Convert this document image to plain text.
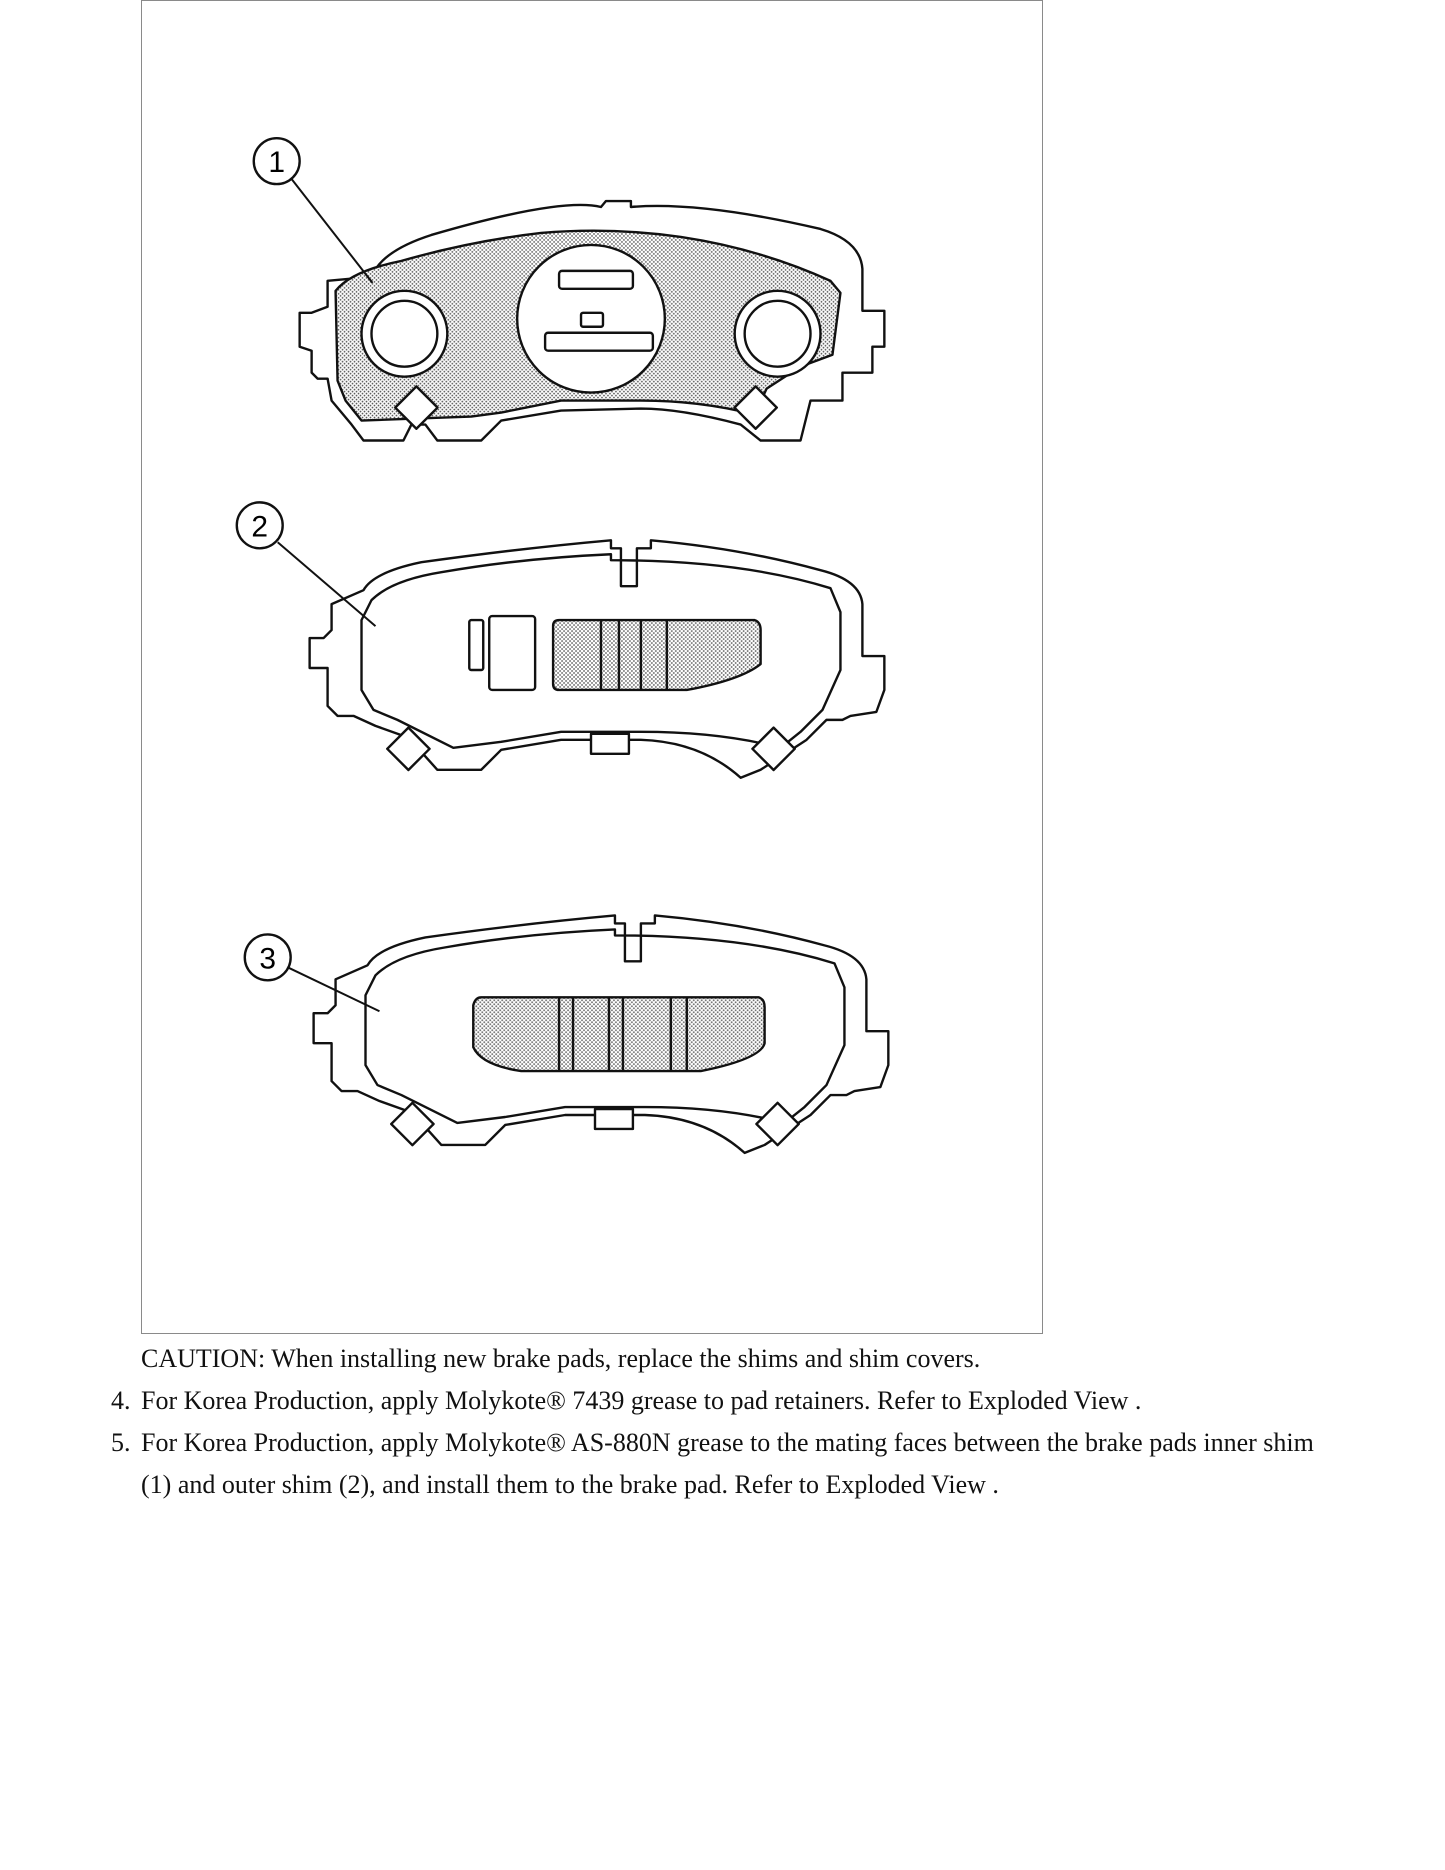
1
2
3

CAUTION: When installing new brake pads, replace the shims and shim covers.

4. For Korea Production, apply Molykote® 7439 grease to pad retainers. Refer to Exploded View .
5. For Korea Production, apply Molykote® AS-880N grease to the mating faces between the brake pads inner shim (1) and outer shim (2), and install them to the brake pad. Refer to Exploded View .
